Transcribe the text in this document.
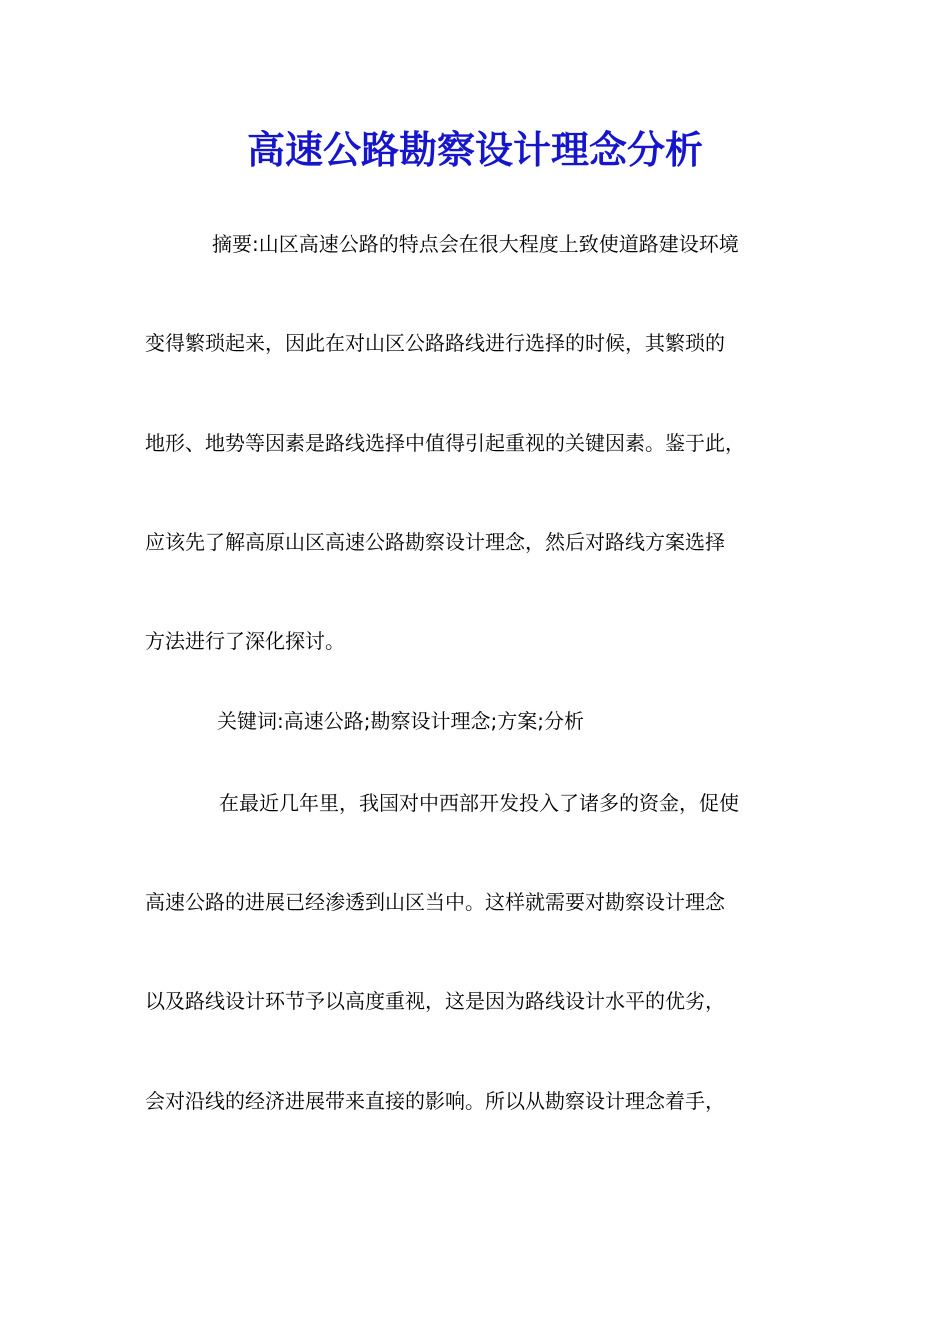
高速公路勘察设计理念分析

摘要:山区高速公路的特点会在很大程度上致使道路建设环境

变得繁琐起来，因此在对山区公路路线进行选择的时候，其繁琐的

地形、地势等因素是路线选择中值得引起重视的关键因素。鉴于此，

应该先了解高原山区高速公路勘察设计理念，然后对路线方案选择

方法进行了深化探讨。

关键词:高速公路;勘察设计理念;方案;分析

在最近几年里，我国对中西部开发投入了诸多的资金，促使

高速公路的进展已经渗透到山区当中。这样就需要对勘察设计理念

以及路线设计环节予以高度重视，这是因为路线设计水平的优劣，

会对沿线的经济进展带来直接的影响。所以从勘察设计理念着手，
